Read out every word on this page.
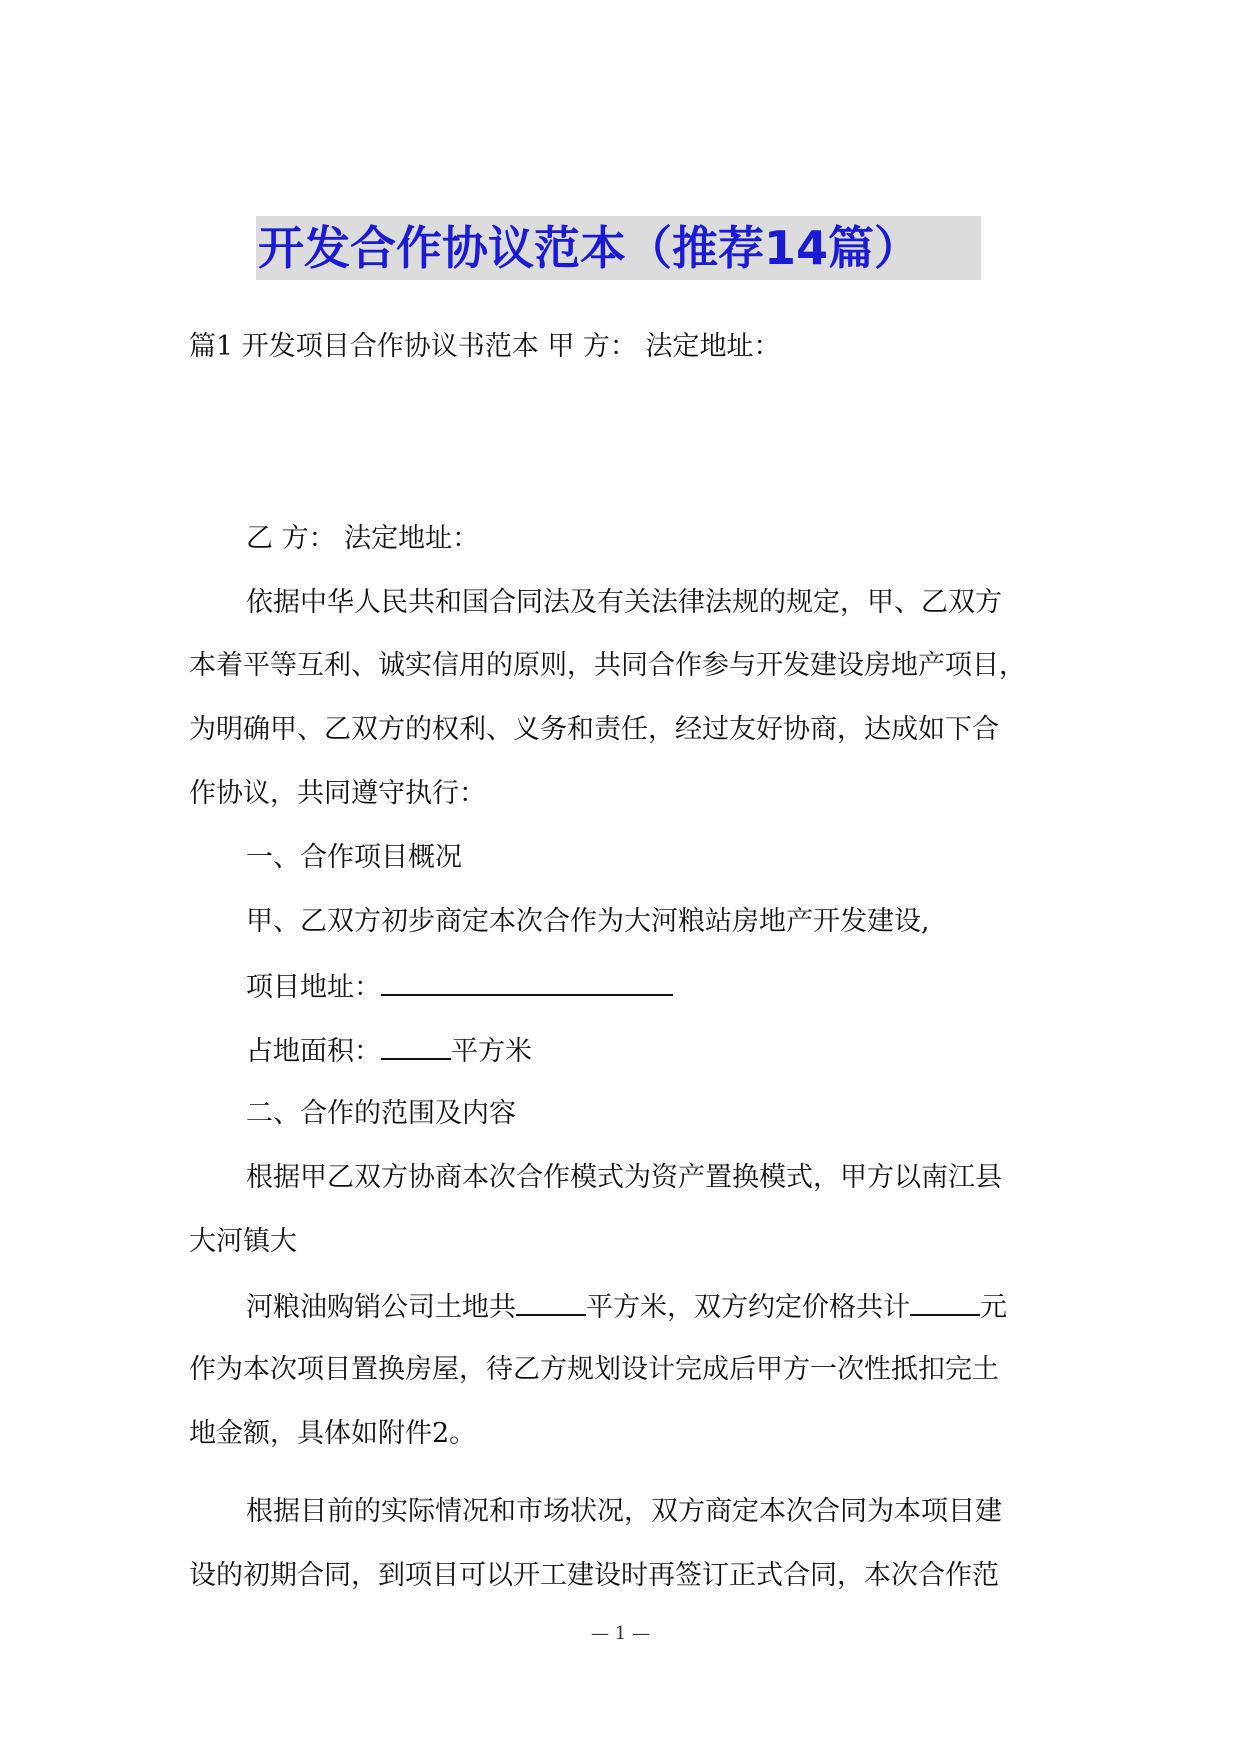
开发合作协议范本（推荐14篇）
篇1 开发项目合作协议书范本 甲 方： 法定地址：
乙 方： 法定地址：
依据中华人民共和国合同法及有关法律法规的规定，甲、乙双方
本着平等互利、诚实信用的原则，共同合作参与开发建设房地产项目，
为明确甲、乙双方的权利、义务和责任，经过友好协商，达成如下合
作协议，共同遵守执行：
一、合作项目概况
甲、乙双方初步商定本次合作为大河粮站房地产开发建设,
项目地址：
占地面积：	平方米
二、合作的范围及内容
根据甲乙双方协商本次合作模式为资产置换模式，甲方以南江县
大河镇大
河粮油购销公司土地共	平方米，双方约定价格共计	元
作为本次项目置换房屋，待乙方规划设计完成后甲方一次性抵扣完土
地金额，具体如附件2。
根据目前的实际情况和市场状况，双方商定本次合同为本项目建
设的初期合同，到项目可以开工建设时再签订正式合同，本次合作范
— 1 —
